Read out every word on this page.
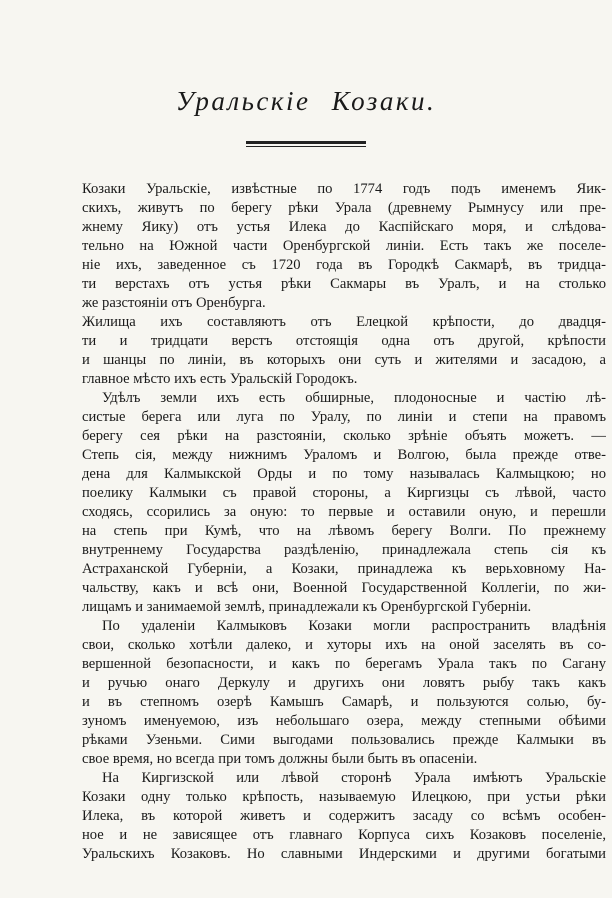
Уральскіе Козаки.
Козаки Уральскіе, извѣстные по 1774 годъ подъ именемъ Яик-
скихъ, живутъ по берегу рѣки Урала (древнему Рымнусу или пре-
жнему Яику) отъ устья Илека до Каспійскаго моря, и слѣдова-
тельно на Южной части Оренбургской линіи. Есть такъ же поселе-
ніе ихъ, заведенное съ 1720 года въ Городкѣ Сакмарѣ, въ тридца-
ти верстахъ отъ устья рѣки Сакмары въ Уралъ, и на столько
же разстояніи отъ Оренбурга.
Жилища ихъ составляютъ отъ Елецкой крѣпости, до двадця-
ти и тридцати верстъ отстоящія одна отъ другой, крѣпости
и шанцы по линіи, въ которыхъ они суть и жителями и засадою, а
главное мѣсто ихъ есть Уральскій Городокъ.
Удѣлъ земли ихъ есть обширные, плодоносные и частію лѣ-
систые берега или луга по Уралу, по линіи и степи на правомъ
берегу сея рѣки на разстояніи, сколько зрѣніе объять можетъ. —
Степь сія, между нижнимъ Ураломъ и Волгою, была прежде отве-
дена для Калмыкской Орды и по тому называлась Калмыцкою; но
поелику Калмыки съ правой стороны, а Киргизцы съ лѣвой, часто
сходясь, ссорились за оную: то первые и оставили оную, и перешли
на степь при Кумѣ, что на лѣвомъ берегу Волги. По прежнему
внутреннему Государства раздѣленію, принадлежала степь сія къ
Астраханской Губерніи, а Козаки, принадлежа къ верьховному На-
чальству, какъ и всѣ они, Военной Государственной Коллегіи, по жи-
лищамъ и занимаемой землѣ, принадлежали къ Оренбургской Губерніи.
По удаленіи Калмыковъ Козаки могли распространить владѣнія
свои, сколько хотѣли далеко, и хуторы ихъ на оной заселять въ со-
вершенной безопасности, и какъ по берегамъ Урала такъ по Сагану
и ручью онаго Деркулу и другихъ они ловятъ рыбу такъ какъ
и въ степномъ озерѣ Камышъ Самарѣ, и пользуются солью, бу-
зуномъ именуемою, изъ небольшаго озера, между степными обѣими
рѣками Узеньми. Сими выгодами пользовались прежде Калмыки въ
свое время, но всегда при томъ должны были быть въ опасеніи.
На Киргизской или лѣвой сторонѣ Урала имѣютъ Уральскіе
Козаки одну только крѣпость, называемую Илецкою, при устьи рѣки
Илека, въ которой живетъ и содержитъ засаду со всѣмъ особен-
ное и не зависящее отъ главнаго Корпуса сихъ Козаковъ поселеніе,
Уральскихъ Козаковъ. Но славными Индерскими и другими богатыми
